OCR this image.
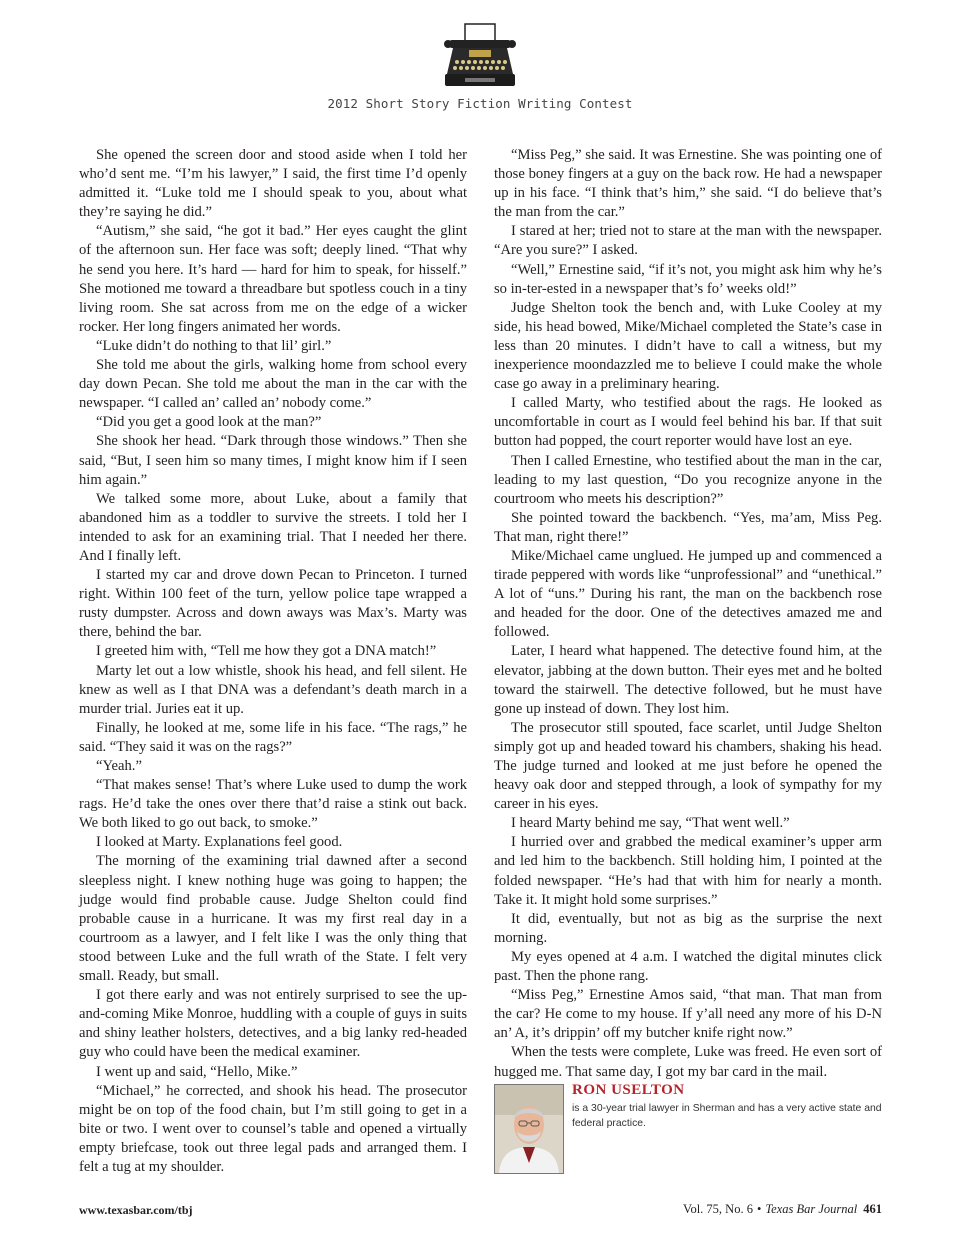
2012 Short Story Fiction Writing Contest

She opened the screen door and stood aside when I told her who’d sent me. “I’m his lawyer,” I said, the first time I’d openly admitted it. “Luke told me I should speak to you, about what they’re saying he did.”

“Autism,” she said, “he got it bad.” Her eyes caught the glint of the afternoon sun. Her face was soft; deeply lined. “That why he send you here. It’s hard — hard for him to speak, for hisself.” She motioned me toward a threadbare but spotless couch in a tiny living room. She sat across from me on the edge of a wicker rocker. Her long fingers animated her words.

“Luke didn’t do nothing to that lil’ girl.”

She told me about the girls, walking home from school every day down Pecan. She told me about the man in the car with the newspaper. “I called an’ called an’ nobody come.”

“Did you get a good look at the man?”

She shook her head. “Dark through those windows.” Then she said, “But, I seen him so many times, I might know him if I seen him again.”

We talked some more, about Luke, about a family that abandoned him as a toddler to survive the streets. I told her I intended to ask for an examining trial. That I needed her there. And I finally left.

I started my car and drove down Pecan to Princeton. I turned right. Within 100 feet of the turn, yellow police tape wrapped a rusty dumpster. Across and down aways was Max’s. Marty was there, behind the bar.

I greeted him with, “Tell me how they got a DNA match!”

Marty let out a low whistle, shook his head, and fell silent. He knew as well as I that DNA was a defendant’s death march in a murder trial. Juries eat it up.

Finally, he looked at me, some life in his face. “The rags,” he said. “They said it was on the rags?”

“Yeah.”

“That makes sense! That’s where Luke used to dump the work rags. He’d take the ones over there that’d raise a stink out back. We both liked to go out back, to smoke.”

I looked at Marty. Explanations feel good.

The morning of the examining trial dawned after a second sleepless night. I knew nothing huge was going to happen; the judge would find probable cause. Judge Shelton could find probable cause in a hurricane. It was my first real day in a courtroom as a lawyer, and I felt like I was the only thing that stood between Luke and the full wrath of the State. I felt very small. Ready, but small.

I got there early and was not entirely surprised to see the up-and-coming Mike Monroe, huddling with a couple of guys in suits and shiny leather holsters, detectives, and a big lanky red-headed guy who could have been the medical examiner.

I went up and said, “Hello, Mike.”

“Michael,” he corrected, and shook his head. The prosecutor might be on top of the food chain, but I’m still going to get in a bite or two. I went over to counsel’s table and opened a virtually empty briefcase, took out three legal pads and arranged them. I felt a tug at my shoulder.

“Miss Peg,” she said. It was Ernestine. She was pointing one of those boney fingers at a guy on the back row. He had a newspaper up in his face. “I think that’s him,” she said. “I do believe that’s the man from the car.”

I stared at her; tried not to stare at the man with the newspaper. “Are you sure?” I asked.

“Well,” Ernestine said, “if it’s not, you might ask him why he’s so in-ter-ested in a newspaper that’s fo’ weeks old!”

Judge Shelton took the bench and, with Luke Cooley at my side, his head bowed, Mike/Michael completed the State’s case in less than 20 minutes. I didn’t have to call a witness, but my inexperience moondazzled me to believe I could make the whole case go away in a preliminary hearing.

I called Marty, who testified about the rags. He looked as uncomfortable in court as I would feel behind his bar. If that suit button had popped, the court reporter would have lost an eye.

Then I called Ernestine, who testified about the man in the car, leading to my last question, “Do you recognize anyone in the courtroom who meets his description?”

She pointed toward the backbench. “Yes, ma’am, Miss Peg. That man, right there!”

Mike/Michael came unglued. He jumped up and commenced a tirade peppered with words like “unprofessional” and “unethical.” A lot of “uns.” During his rant, the man on the backbench rose and headed for the door. One of the detectives amazed me and followed.

Later, I heard what happened. The detective found him, at the elevator, jabbing at the down button. Their eyes met and he bolted toward the stairwell. The detective followed, but he must have gone up instead of down. They lost him.

The prosecutor still spouted, face scarlet, until Judge Shelton simply got up and headed toward his chambers, shaking his head. The judge turned and looked at me just before he opened the heavy oak door and stepped through, a look of sympathy for my career in his eyes.

I heard Marty behind me say, “That went well.”

I hurried over and grabbed the medical examiner’s upper arm and led him to the backbench. Still holding him, I pointed at the folded newspaper. “He’s had that with him for nearly a month. Take it. It might hold some surprises.”

It did, eventually, but not as big as the surprise the next morning.

My eyes opened at 4 a.m. I watched the digital minutes click past. Then the phone rang.

“Miss Peg,” Ernestine Amos said, “that man. That man from the car? He come to my house. If y’all need any more of his D-N an’ A, it’s drippin’ off my butcher knife right now.”

When the tests were complete, Luke was freed. He even sort of hugged me. That same day, I got my bar card in the mail.

RON USELTON
is a 30-year trial lawyer in Sherman and has a very active state and federal practice.
www.texasbar.com/tbj	Vol. 75, No. 6 • Texas Bar Journal 461
